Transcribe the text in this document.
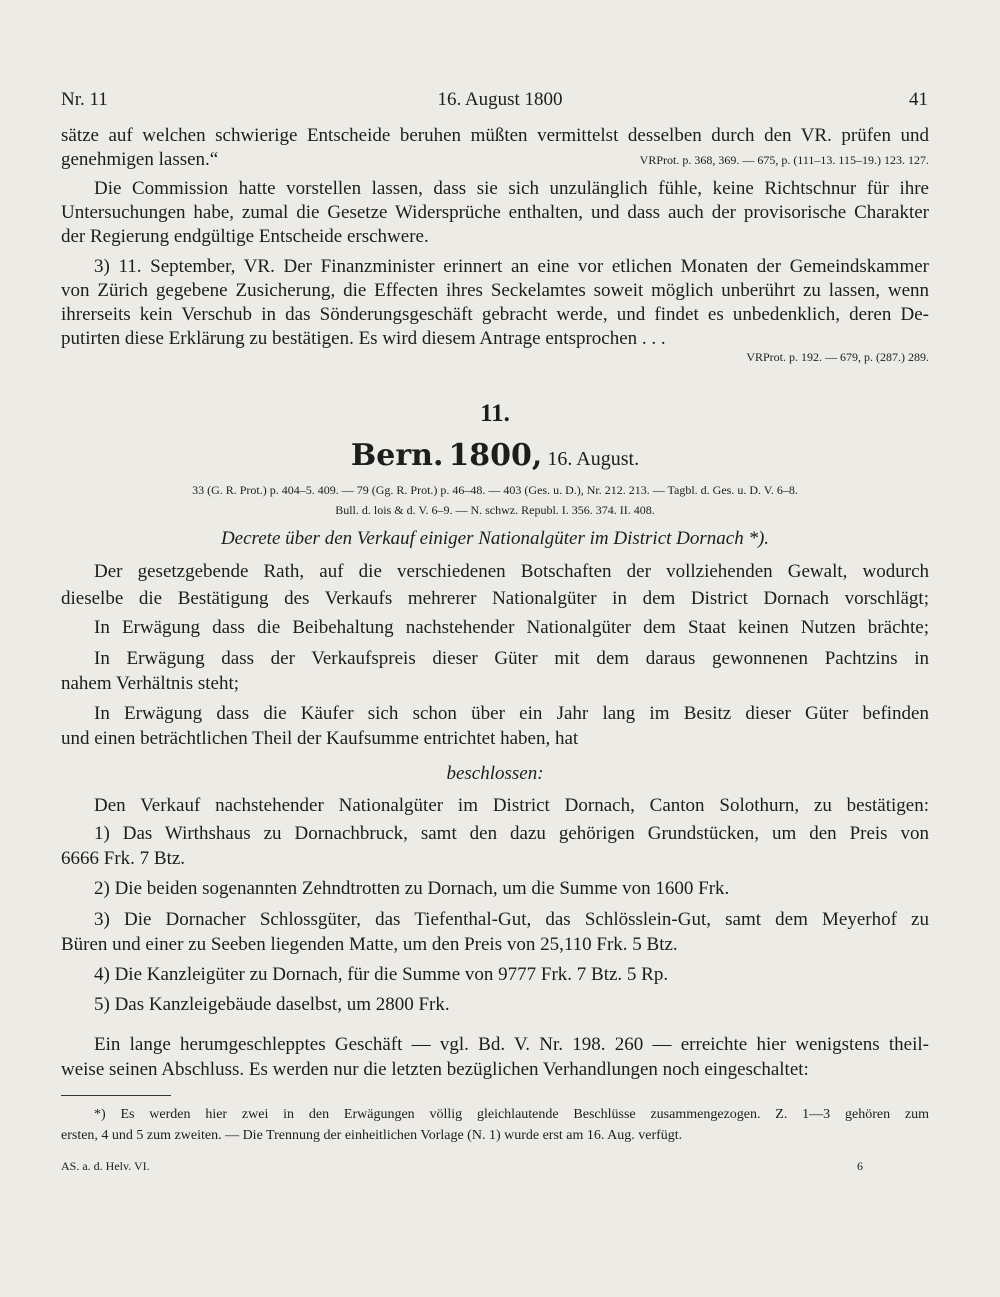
Nr. 11	16. August 1800	41
sätze auf welchen schwierige Entscheide beruhen müßten vermittelst desselben durch den VR. prüfen und
genehmigen lassen.“	VRProt. p. 368, 369. — 675, p. (111–13. 115–19.) 123. 127.
Die Commission hatte vorstellen lassen, dass sie sich unzulänglich fühle, keine Richtschnur für ihre
Untersuchungen habe, zumal die Gesetze Widersprüche enthalten, und dass auch der provisorische Charakter
der Regierung endgültige Entscheide erschwere.
3) 11. September, VR. Der Finanzminister erinnert an eine vor etlichen Monaten der Gemeindskammer
von Zürich gegebene Zusicherung, die Effecten ihres Seckelamtes soweit möglich unberührt zu lassen, wenn
ihrerseits kein Verschub in das Sönderungsgeschäft gebracht werde, und findet es unbedenklich, deren De-
putirten diese Erklärung zu bestätigen. Es wird diesem Antrage entsprochen . . .
VRProt. p. 192. — 679, p. (287.) 289.
11.
Bern. 1800, 16. August.
33 (G. R. Prot.) p. 404–5. 409. — 79 (Gg. R. Prot.) p. 46–48. — 403 (Ges. u. D.), Nr. 212. 213. — Tagbl. d. Ges. u. D. V. 6–8.
Bull. d. lois & d. V. 6–9. — N. schwz. Republ. I. 356. 374. II. 408.
Decrete über den Verkauf einiger Nationalgüter im District Dornach *).
Der gesetzgebende Rath, auf die verschiedenen Botschaften der vollziehenden Gewalt, wodurch
dieselbe die Bestätigung des Verkaufs mehrerer Nationalgüter in dem District Dornach vorschlägt;
In Erwägung dass die Beibehaltung nachstehender Nationalgüter dem Staat keinen Nutzen brächte;
In Erwägung dass der Verkaufspreis dieser Güter mit dem daraus gewonnenen Pachtzins in
nahem Verhältnis steht;
In Erwägung dass die Käufer sich schon über ein Jahr lang im Besitz dieser Güter befinden
und einen beträchtlichen Theil der Kaufsumme entrichtet haben, hat
beschlossen:
Den Verkauf nachstehender Nationalgüter im District Dornach, Canton Solothurn, zu bestätigen:
1) Das Wirthshaus zu Dornachbruck, samt den dazu gehörigen Grundstücken, um den Preis von
6666 Frk. 7 Btz.
2) Die beiden sogenannten Zehndtrotten zu Dornach, um die Summe von 1600 Frk.
3) Die Dornacher Schlossgüter, das Tiefenthal-Gut, das Schlösslein-Gut, samt dem Meyerhof zu
Büren und einer zu Seeben liegenden Matte, um den Preis von 25,110 Frk. 5 Btz.
4) Die Kanzleigüter zu Dornach, für die Summe von 9777 Frk. 7 Btz. 5 Rp.
5) Das Kanzleigebäude daselbst, um 2800 Frk.
Ein lange herumgeschlepptes Geschäft — vgl. Bd. V. Nr. 198. 260 — erreichte hier wenigstens theil-
weise seinen Abschluss. Es werden nur die letzten bezüglichen Verhandlungen noch eingeschaltet:
*) Es werden hier zwei in den Erwägungen völlig gleichlautende Beschlüsse zusammengezogen. Z. 1—3 gehören zum
ersten, 4 und 5 zum zweiten. — Die Trennung der einheitlichen Vorlage (N. 1) wurde erst am 16. Aug. verfügt.
AS. a. d. Helv. VI.	6
